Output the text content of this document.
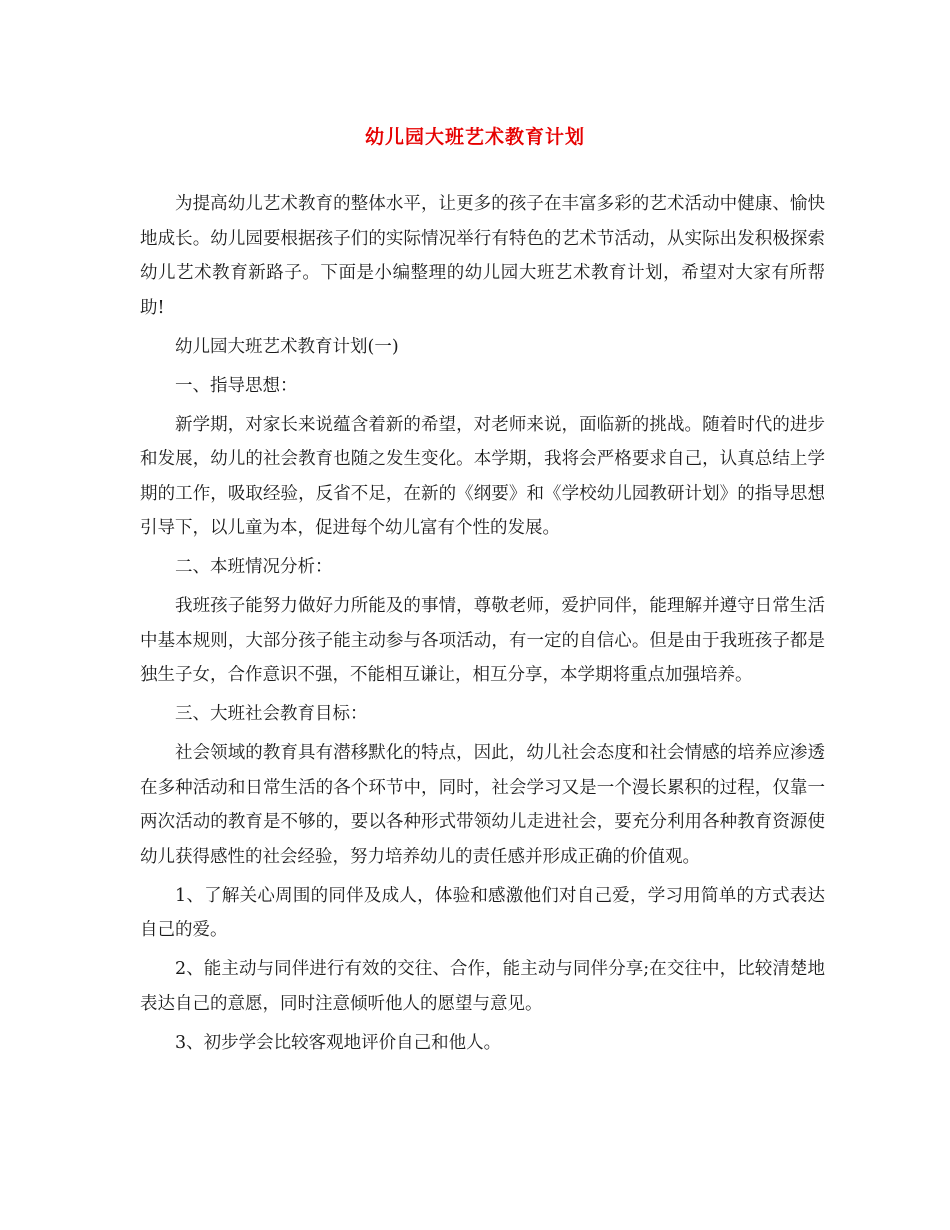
幼儿园大班艺术教育计划

为提高幼儿艺术教育的整体水平，让更多的孩子在丰富多彩的艺术活动中健康、愉快地成长。幼儿园要根据孩子们的实际情况举行有特色的艺术节活动，从实际出发积极探索幼儿艺术教育新路子。下面是小编整理的幼儿园大班艺术教育计划，希望对大家有所帮助!

幼儿园大班艺术教育计划(一)

一、指导思想：

新学期，对家长来说蕴含着新的希望，对老师来说，面临新的挑战。随着时代的进步和发展，幼儿的社会教育也随之发生变化。本学期，我将会严格要求自己，认真总结上学期的工作，吸取经验，反省不足，在新的《纲要》和《学校幼儿园教研计划》的指导思想引导下，以儿童为本，促进每个幼儿富有个性的发展。

二、本班情况分析：

我班孩子能努力做好力所能及的事情，尊敬老师，爱护同伴，能理解并遵守日常生活中基本规则，大部分孩子能主动参与各项活动，有一定的自信心。但是由于我班孩子都是独生子女，合作意识不强，不能相互谦让，相互分享，本学期将重点加强培养。

三、大班社会教育目标：

社会领域的教育具有潜移默化的特点，因此，幼儿社会态度和社会情感的培养应渗透在多种活动和日常生活的各个环节中，同时，社会学习又是一个漫长累积的过程，仅靠一两次活动的教育是不够的，要以各种形式带领幼儿走进社会，要充分利用各种教育资源使幼儿获得感性的社会经验，努力培养幼儿的责任感并形成正确的价值观。

1、了解关心周围的同伴及成人，体验和感激他们对自己爱，学习用简单的方式表达自己的爱。

2、能主动与同伴进行有效的交往、合作，能主动与同伴分享;在交往中，比较清楚地表达自己的意愿，同时注意倾听他人的愿望与意见。

3、初步学会比较客观地评价自己和他人。
